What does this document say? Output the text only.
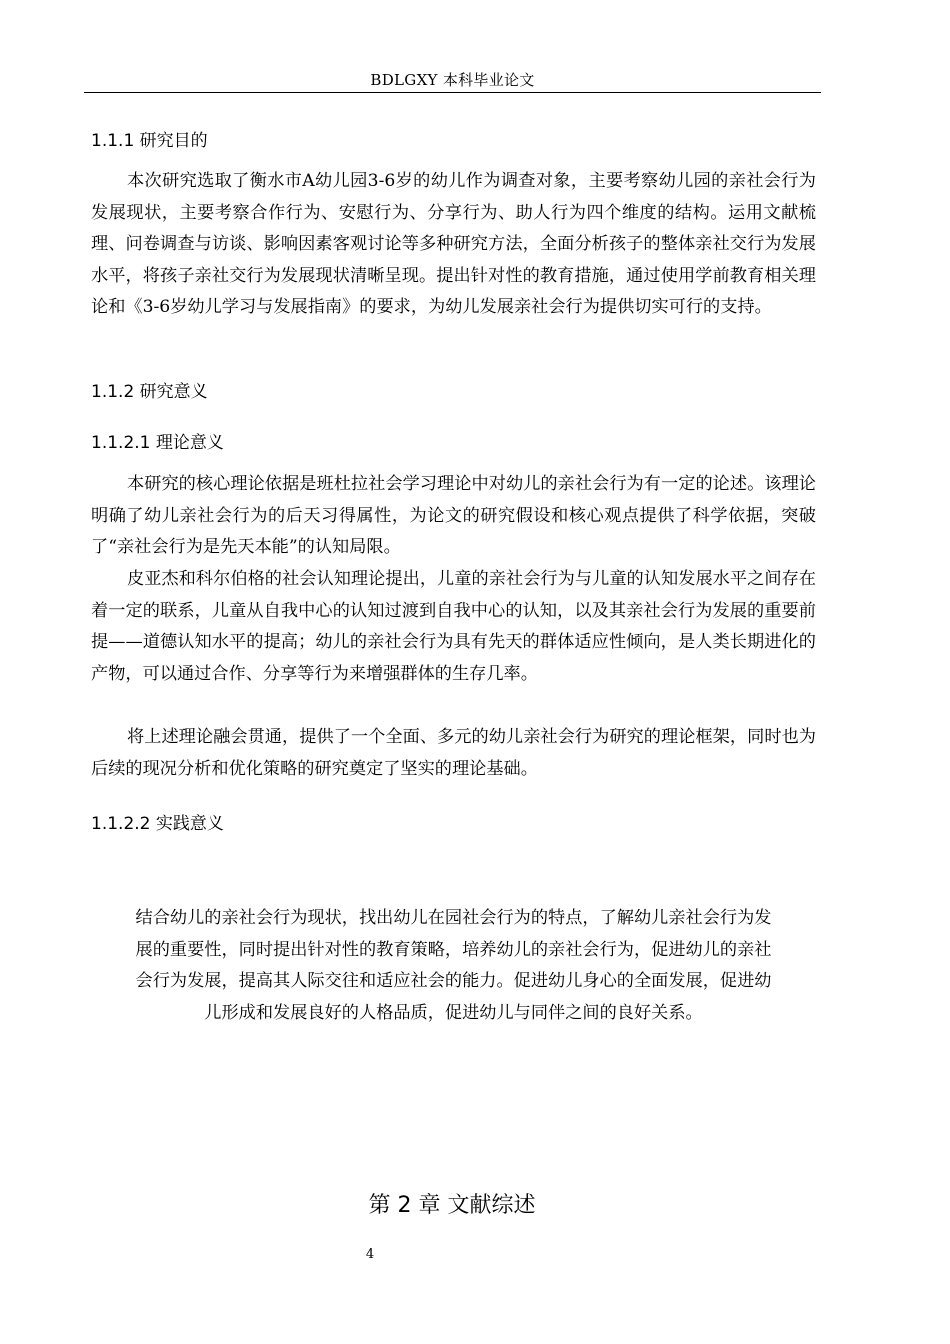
BDLGXY 本科毕业论文
1.1.1 研究目的
本次研究选取了衡水市A幼儿园3-6岁的幼儿作为调查对象，主要考察幼儿园的亲社会行为发展现状，主要考察合作行为、安慰行为、分享行为、助人行为四个维度的结构。运用文献梳理、问卷调查与访谈、影响因素客观讨论等多种研究方法，全面分析孩子的整体亲社交行为发展水平，将孩子亲社交行为发展现状清晰呈现。提出针对性的教育措施，通过使用学前教育相关理论和《3-6岁幼儿学习与发展指南》的要求，为幼儿发展亲社会行为提供切实可行的支持。
1.1.2 研究意义
1.1.2.1 理论意义
本研究的核心理论依据是班杜拉社会学习理论中对幼儿的亲社会行为有一定的论述。该理论明确了幼儿亲社会行为的后天习得属性，为论文的研究假设和核心观点提供了科学依据，突破了“亲社会行为是先天本能”的认知局限。
皮亚杰和科尔伯格的社会认知理论提出，儿童的亲社会行为与儿童的认知发展水平之间存在着一定的联系，儿童从自我中心的认知过渡到自我中心的认知，以及其亲社会行为发展的重要前提——道德认知水平的提高；幼儿的亲社会行为具有先天的群体适应性倾向，是人类长期进化的产物，可以通过合作、分享等行为来增强群体的生存几率。
将上述理论融会贯通，提供了一个全面、多元的幼儿亲社会行为研究的理论框架，同时也为后续的现况分析和优化策略的研究奠定了坚实的理论基础。
1.1.2.2 实践意义
结合幼儿的亲社会行为现状，找出幼儿在园社会行为的特点，了解幼儿亲社会行为发
展的重要性，同时提出针对性的教育策略，培养幼儿的亲社会行为，促进幼儿的亲社
会行为发展，提高其人际交往和适应社会的能力。促进幼儿身心的全面发展，促进幼
儿形成和发展良好的人格品质，促进幼儿与同伴之间的良好关系。
第 2 章 文献综述
4
